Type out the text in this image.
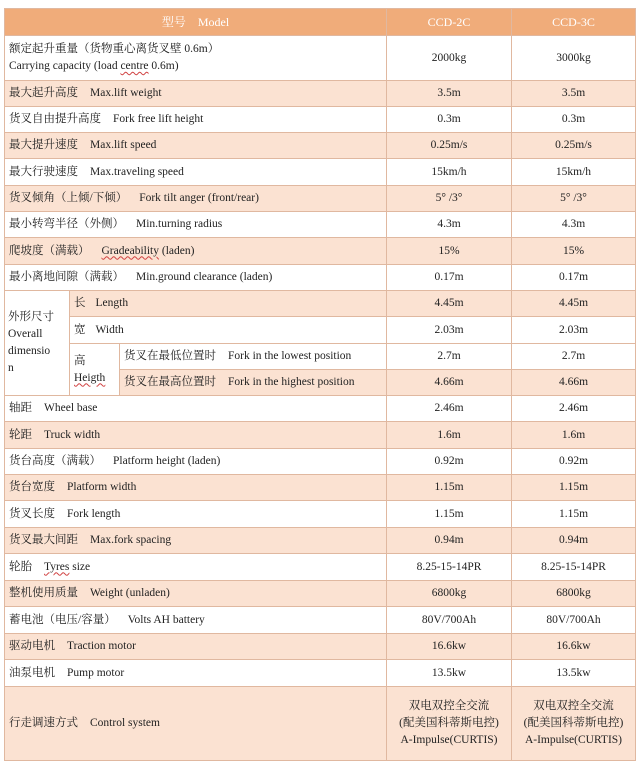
型号 Model			CCD-2C	CCD-3C

额定起升重量（货物重心离货叉壁 0.6m）
Carrying capacity (load centre 0.6m)			2000kg	3000kg
最大起升高度 Max.lift weight			3.5m	3.5m
货叉自由提升高度 Fork free lift height			0.3m	0.3m
最大提升速度 Max.lift speed			0.25m/s	0.25m/s
最大行驶速度 Max.traveling speed			15km/h	15km/h
货叉倾角（上倾/下倾） Fork tilt anger (front/rear)			5° /3°	5° /3°
最小转弯半径（外侧） Min.turning radius			4.3m	4.3m
爬坡度（满载） Gradeability (laden)			15%	15%
最小离地间隙（满载） Min.ground clearance (laden)			0.17m	0.17m

外形尺寸
Overall
dimensio
n	长 Length		4.45m	4.45m
	宽 Width		2.03m	2.03m

	高
Heigth	货叉在最低位置时 Fork in the lowest position	2.7m	2.7m
		货叉在最高位置时 Fork in the highest position	4.66m	4.66m
轴距 Wheel base			2.46m	2.46m
轮距 Truck width			1.6m	1.6m
货台高度（满载） Platform height (laden)			0.92m	0.92m
货台宽度 Platform width			1.15m	1.15m
货叉长度 Fork length			1.15m	1.15m
货叉最大间距 Max.fork spacing			0.94m	0.94m
轮胎 Tyres size			8.25-15-14PR	8.25-15-14PR
整机使用质量 Weight (unladen)			6800kg	6800kg
蓄电池（电压/容量） Volts AH battery			80V/700Ah	80V/700Ah
驱动电机 Traction motor			16.6kw	16.6kw
油泵电机 Pump motor			13.5kw	13.5kw
行走调速方式 Control system			双电双控全交流
(配美国科蒂斯电控)
A-Impulse(CURTIS)	双电双控全交流
(配美国科蒂斯电控)
A-Impulse(CURTIS)
